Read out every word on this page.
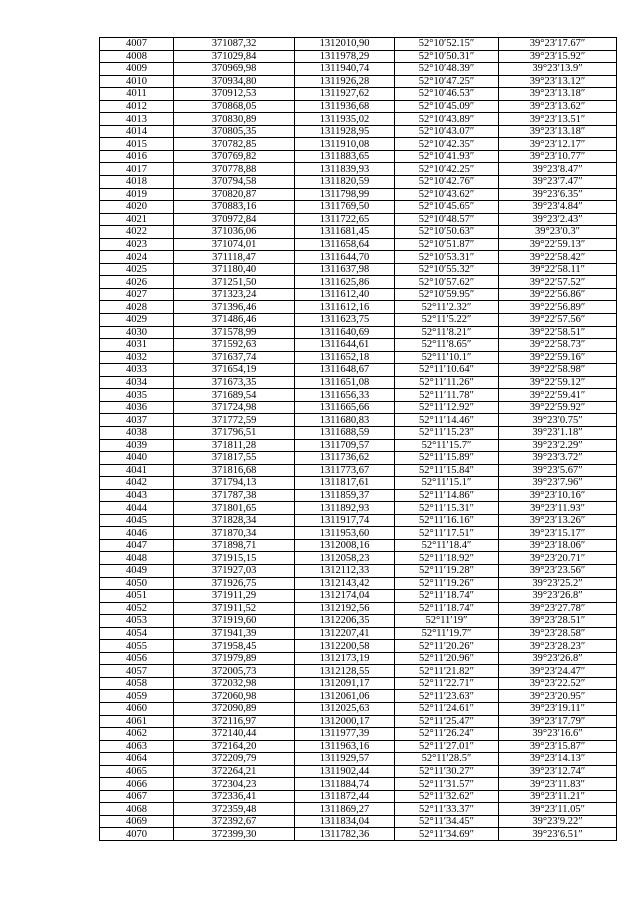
4007	371087,32	1312010,90	52°10′52.15″	39°23′17.67″
4008	371029,84	1311978,29	52°10′50.31″	39°23′15.92″
4009	370969,98	1311940,74	52°10′48.39″	39°23′13.9″
4010	370934,80	1311926,28	52°10′47.25″	39°23′13.12″
4011	370912,53	1311927,62	52°10′46.53″	39°23′13.18″
4012	370868,05	1311936,68	52°10′45.09″	39°23′13.62″
4013	370830,89	1311935,02	52°10′43.89″	39°23′13.51″
4014	370805,35	1311928,95	52°10′43.07″	39°23′13.18″
4015	370782,85	1311910,08	52°10′42.35″	39°23′12.17″
4016	370769,82	1311883,65	52°10′41.93″	39°23′10.77″
4017	370778,88	1311839,93	52°10′42.25″	39°23′8.47″
4018	370794,58	1311820,59	52°10′42.76″	39°23′7.47″
4019	370820,87	1311798,99	52°10′43.62″	39°23′6.35″
4020	370883,16	1311769,50	52°10′45.65″	39°23′4.84″
4021	370972,84	1311722,65	52°10′48.57″	39°23′2.43″
4022	371036,06	1311681,45	52°10′50.63″	39°23′0.3″
4023	371074,01	1311658,64	52°10′51.87″	39°22′59.13″
4024	371118,47	1311644,70	52°10′53.31″	39°22′58.42″
4025	371180,40	1311637,98	52°10′55.32″	39°22′58.11″
4026	371251,50	1311625,86	52°10′57.62″	39°22′57.52″
4027	371323,24	1311612,40	52°10′59.95″	39°22′56.86″
4028	371396,46	1311612,16	52°11′2.32″	39°22′56.89″
4029	371486,46	1311623,75	52°11′5.22″	39°22′57.56″
4030	371578,99	1311640,69	52°11′8.21″	39°22′58.51″
4031	371592,63	1311644,61	52°11′8.65″	39°22′58.73″
4032	371637,74	1311652,18	52°11′10.1″	39°22′59.16″
4033	371654,19	1311648,67	52°11′10.64″	39°22′58.98″
4034	371673,35	1311651,08	52°11′11.26″	39°22′59.12″
4035	371689,54	1311656,33	52°11′11.78″	39°22′59.41″
4036	371724,98	1311665,66	52°11′12.92″	39°22′59.92″
4037	371772,59	1311680,83	52°11′14.46″	39°23′0.75″
4038	371796,51	1311688,59	52°11′15.23″	39°23′1.18″
4039	371811,28	1311709,57	52°11′15.7″	39°23′2.29″
4040	371817,55	1311736,62	52°11′15.89″	39°23′3.72″
4041	371816,68	1311773,67	52°11′15.84″	39°23′5.67″
4042	371794,13	1311817,61	52°11′15.1″	39°23′7.96″
4043	371787,38	1311859,37	52°11′14.86″	39°23′10.16″
4044	371801,65	1311892,93	52°11′15.31″	39°23′11.93″
4045	371828,34	1311917,74	52°11′16.16″	39°23′13.26″
4046	371870,34	1311953,60	52°11′17.51″	39°23′15.17″
4047	371898,71	1312008,16	52°11′18.4″	39°23′18.06″
4048	371915,15	1312058,23	52°11′18.92″	39°23′20.71″
4049	371927,03	1312112,33	52°11′19.28″	39°23′23.56″
4050	371926,75	1312143,42	52°11′19.26″	39°23′25.2″
4051	371911,29	1312174,04	52°11′18.74″	39°23′26.8″
4052	371911,52	1312192,56	52°11′18.74″	39°23′27.78″
4053	371919,60	1312206,35	52°11′19″	39°23′28.51″
4054	371941,39	1312207,41	52°11′19.7″	39°23′28.58″
4055	371958,45	1312200,58	52°11′20.26″	39°23′28.23″
4056	371979,89	1312173,19	52°11′20.96″	39°23′26.8″
4057	372005,73	1312128,55	52°11′21.82″	39°23′24.47″
4058	372032,98	1312091,17	52°11′22.71″	39°23′22.52″
4059	372060,98	1312061,06	52°11′23.63″	39°23′20.95″
4060	372090,89	1312025,63	52°11′24.61″	39°23′19.11″
4061	372116,97	1312000,17	52°11′25.47″	39°23′17.79″
4062	372140,44	1311977,39	52°11′26.24″	39°23′16.6″
4063	372164,20	1311963,16	52°11′27.01″	39°23′15.87″
4064	372209,79	1311929,57	52°11′28.5″	39°23′14.13″
4065	372264,21	1311902,44	52°11′30.27″	39°23′12.74″
4066	372304,23	1311884,74	52°11′31.57″	39°23′11.83″
4067	372336,41	1311872,44	52°11′32.62″	39°23′11.21″
4068	372359,48	1311869,27	52°11′33.37″	39°23′11.05″
4069	372392,67	1311834,04	52°11′34.45″	39°23′9.22″
4070	372399,30	1311782,36	52°11′34.69″	39°23′6.51″
